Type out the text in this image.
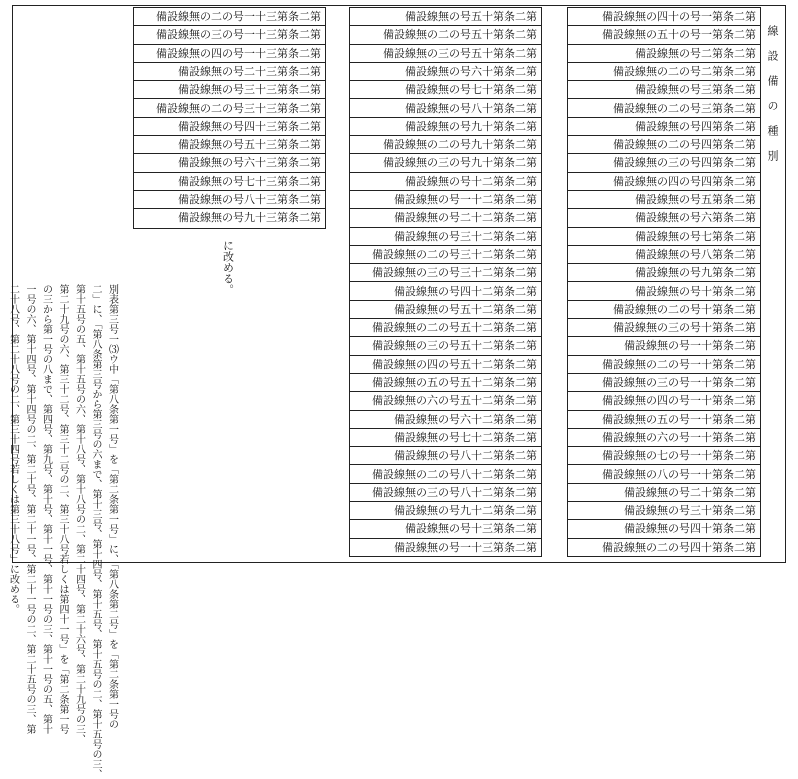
別表第三号一⑶ウ中「第八条第一号」を「第二条第一号」に、「第八条第二号」を「第二条第一号の
二」に、「第八条第三号から第三号の六まで、第十三号、第十四号、第十五号、第十五号の二、第十五号の三、
第十五号の五、第十五号の六、第十八号、第十八号の二、第二十四号、第二十六号、第二十九号の三、
第二十九号の六、第三十二号、第三十二号の二、第三十八号若しくは第四十一号」を「第二条第一号
の三から第一号の八まで、第四号、第九号、第十号、第十一号、第十一号の三、第十一号の五、第十
一号の六、第十四号、第十四号の二、第二十号、第二十一号、第二十一号の二、第二十五号の三、第
二十八号、第二十八号の二、第三十四号若しくは第三十八号」に改める。

備設線無の二の号一十三第条二第
備設線無の三の号一十三第条二第
備設線無の四の号一十三第条二第
備設線無の号二十三第条二第
備設線無の号三十三第条二第
備設線無の二の号三十三第条二第
備設線無の号四十三第条二第
備設線無の号五十三第条二第
備設線無の号六十三第条二第
備設線無の号七十三第条二第
備設線無の号八十三第条二第
備設線無の号九十三第条二第
に改める。
備設線無の号五十第条二第
備設線無の二の号五十第条二第
備設線無の三の号五十第条二第
備設線無の号六十第条二第
備設線無の号七十第条二第
備設線無の号八十第条二第
備設線無の号九十第条二第
備設線無の二の号九十第条二第
備設線無の三の号九十第条二第
備設線無の号十二第条二第
備設線無の号一十二第条二第
備設線無の号二十二第条二第
備設線無の号三十二第条二第
備設線無の二の号三十二第条二第
備設線無の三の号三十二第条二第
備設線無の号四十二第条二第
備設線無の号五十二第条二第
備設線無の二の号五十二第条二第
備設線無の三の号五十二第条二第
備設線無の四の号五十二第条二第
備設線無の五の号五十二第条二第
備設線無の六の号五十二第条二第
備設線無の号六十二第条二第
備設線無の号七十二第条二第
備設線無の号八十二第条二第
備設線無の二の号八十二第条二第
備設線無の三の号八十二第条二第
備設線無の号九十二第条二第
備設線無の号十三第条二第
備設線無の号一十三第条二第
備設線無の四十の号一第条二第
備設線無の五十の号一第条二第
備設線無の号二第条二第
備設線無の二の号二第条二第
備設線無の号三第条二第
備設線無の二の号三第条二第
備設線無の号四第条二第
備設線無の二の号四第条二第
備設線無の三の号四第条二第
備設線無の四の号四第条二第
備設線無の号五第条二第
備設線無の号六第条二第
備設線無の号七第条二第
備設線無の号八第条二第
備設線無の号九第条二第
備設線無の号十第条二第
備設線無の二の号十第条二第
備設線無の三の号十第条二第
備設線無の号一十第条二第
備設線無の二の号一十第条二第
備設線無の三の号一十第条二第
備設線無の四の号一十第条二第
備設線無の五の号一十第条二第
備設線無の六の号一十第条二第
備設線無の七の号一十第条二第
備設線無の八の号一十第条二第
備設線無の号二十第条二第
備設線無の号三十第条二第
備設線無の号四十第条二第
備設線無の二の号四十第条二第
線設備の種別
